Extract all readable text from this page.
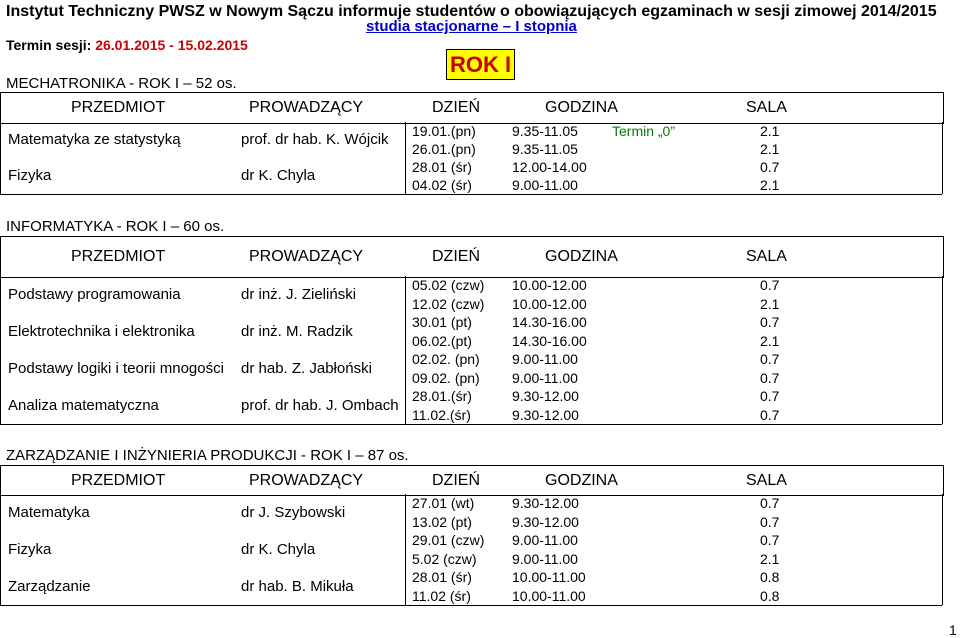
Instytut Techniczny PWSZ w Nowym Sączu informuje studentów o obowiązujących egzaminach w sesji zimowej 2014/2015
studia stacjonarne – I stopnia
Termin sesji: 26.01.2015 - 15.02.2015
ROK I
MECHATRONIKA - ROK I – 52 os.
PRZEDMIOT	PROWADZĄCY	DZIEŃ	GODZINA	SALA
Matematyka ze statystyką	prof. dr hab. K. Wójcik 19.01.(pn)	9.35-11.05 Termin „0”	2.1
26.01.(pn)	9.35-11.05	2.1
Fizyka	dr K. Chyla	28.01 (śr)	12.00-14.00	0.7
04.02 (śr)	9.00-11.00	2.1
INFORMATYKA - ROK I – 60 os.
PRZEDMIOT	PROWADZĄCY	DZIEŃ	GODZINA	SALA
Podstawy programowania	dr inż. J. Zieliński
05.02 (czw) 10.00-12.00	0.7
12.02 (czw) 10.00-12.00	2.1
Elektrotechnika i elektronika	dr inż. M. Radzik
30.01 (pt)	14.30-16.00	0.7
06.02.(pt)	14.30-16.00	2.1
Podstawy logiki i teorii mnogości dr hab. Z. Jabłoński
02.02. (pn) 9.00-11.00	0.7
09.02. (pn) 9.00-11.00	0.7
Analiza matematyczna	prof. dr hab. J. Ombach
28.01.(śr)	9.30-12.00	0.7
11.02.(śr)	9.30-12.00	0.7
ZARZĄDZANIE I INŻYNIERIA PRODUKCJI - ROK I – 87 os.
PRZEDMIOT	PROWADZĄCY	DZIEŃ	GODZINA	SALA
Matematyka	dr J. Szybowski
27.01 (wt)	9.30-12.00	0.7
13.02 (pt)	9.30-12.00	0.7
Fizyka	dr K. Chyla
29.01 (czw) 9.00-11.00	0.7
5.02 (czw)	9.00-11.00	2.1
Zarządzanie	dr hab. B. Mikuła
28.01 (śr)	10.00-11.00	0.8
11.02 (śr)	10.00-11.00	0.8
1
